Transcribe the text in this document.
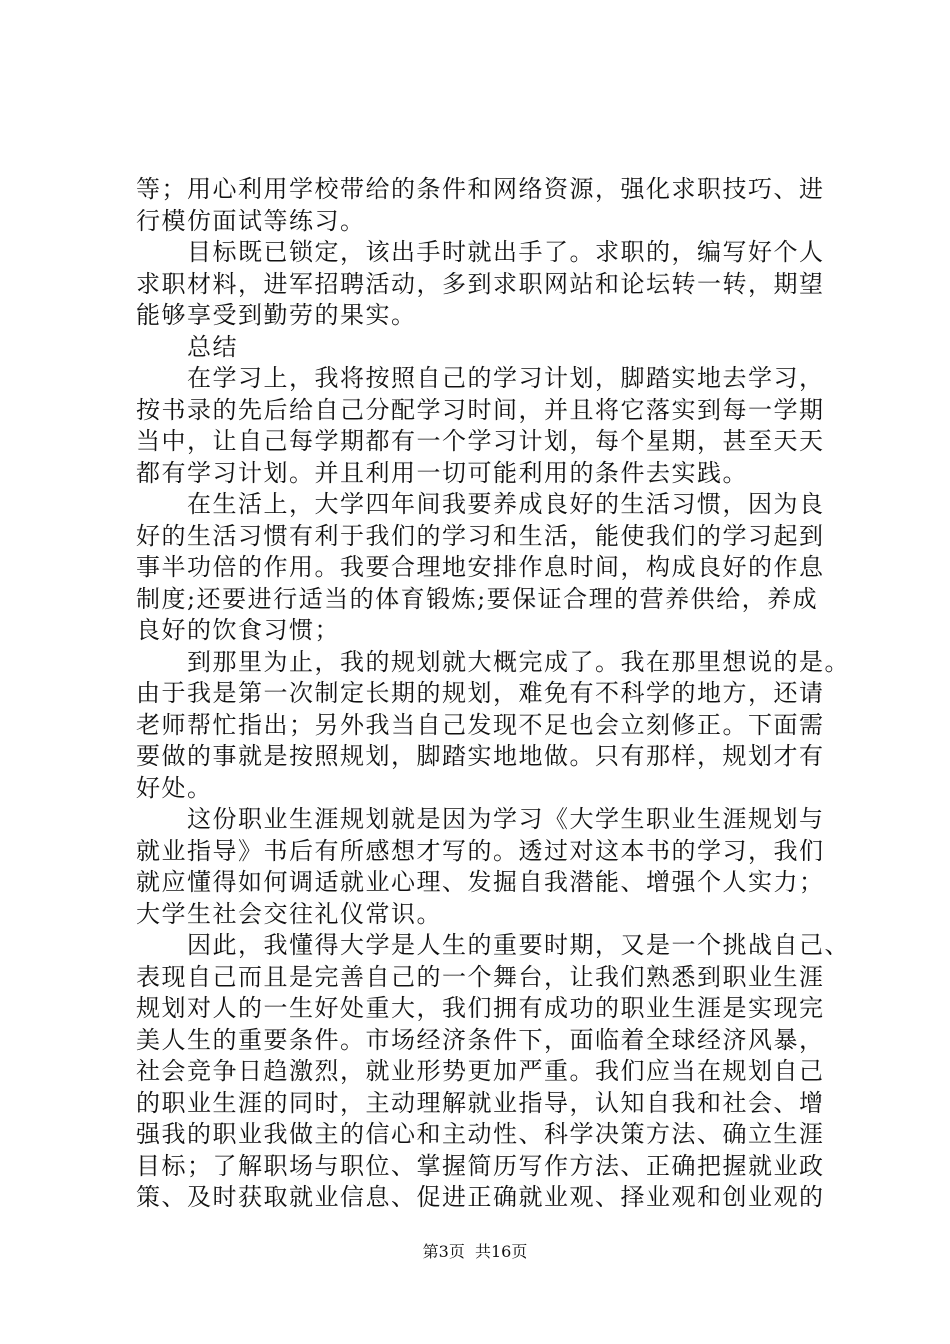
等；用心利用学校带给的条件和网络资源，强化求职技巧、进
行模仿面试等练习。
　　目标既已锁定，该出手时就出手了。求职的，编写好个人
求职材料，进军招聘活动，多到求职网站和论坛转一转，期望
能够享受到勤劳的果实。
　　总结
　　在学习上，我将按照自己的学习计划，脚踏实地去学习，
按书录的先后给自己分配学习时间，并且将它落实到每一学期
当中，让自己每学期都有一个学习计划，每个星期，甚至天天
都有学习计划。并且利用一切可能利用的条件去实践。
　　在生活上，大学四年间我要养成良好的生活习惯，因为良
好的生活习惯有利于我们的学习和生活，能使我们的学习起到
事半功倍的作用。我要合理地安排作息时间，构成良好的作息
制度;还要进行适当的体育锻炼;要保证合理的营养供给，养成
良好的饮食习惯；
　　到那里为止，我的规划就大概完成了。我在那里想说的是。
由于我是第一次制定长期的规划，难免有不科学的地方，还请
老师帮忙指出；另外我当自己发现不足也会立刻修正。下面需
要做的事就是按照规划，脚踏实地地做。只有那样，规划才有
好处。
　　这份职业生涯规划就是因为学习《大学生职业生涯规划与
就业指导》书后有所感想才写的。透过对这本书的学习，我们
就应懂得如何调适就业心理、发掘自我潜能、增强个人实力；
大学生社会交往礼仪常识。
　　因此，我懂得大学是人生的重要时期，又是一个挑战自己、
表现自己而且是完善自己的一个舞台，让我们熟悉到职业生涯
规划对人的一生好处重大，我们拥有成功的职业生涯是实现完
美人生的重要条件。市场经济条件下，面临着全球经济风暴，
社会竞争日趋激烈，就业形势更加严重。我们应当在规划自己
的职业生涯的同时，主动理解就业指导，认知自我和社会、增
强我的职业我做主的信心和主动性、科学决策方法、确立生涯
目标；了解职场与职位、掌握简历写作方法、正确把握就业政
策、及时获取就业信息、促进正确就业观、择业观和创业观的
第3页  共16页
